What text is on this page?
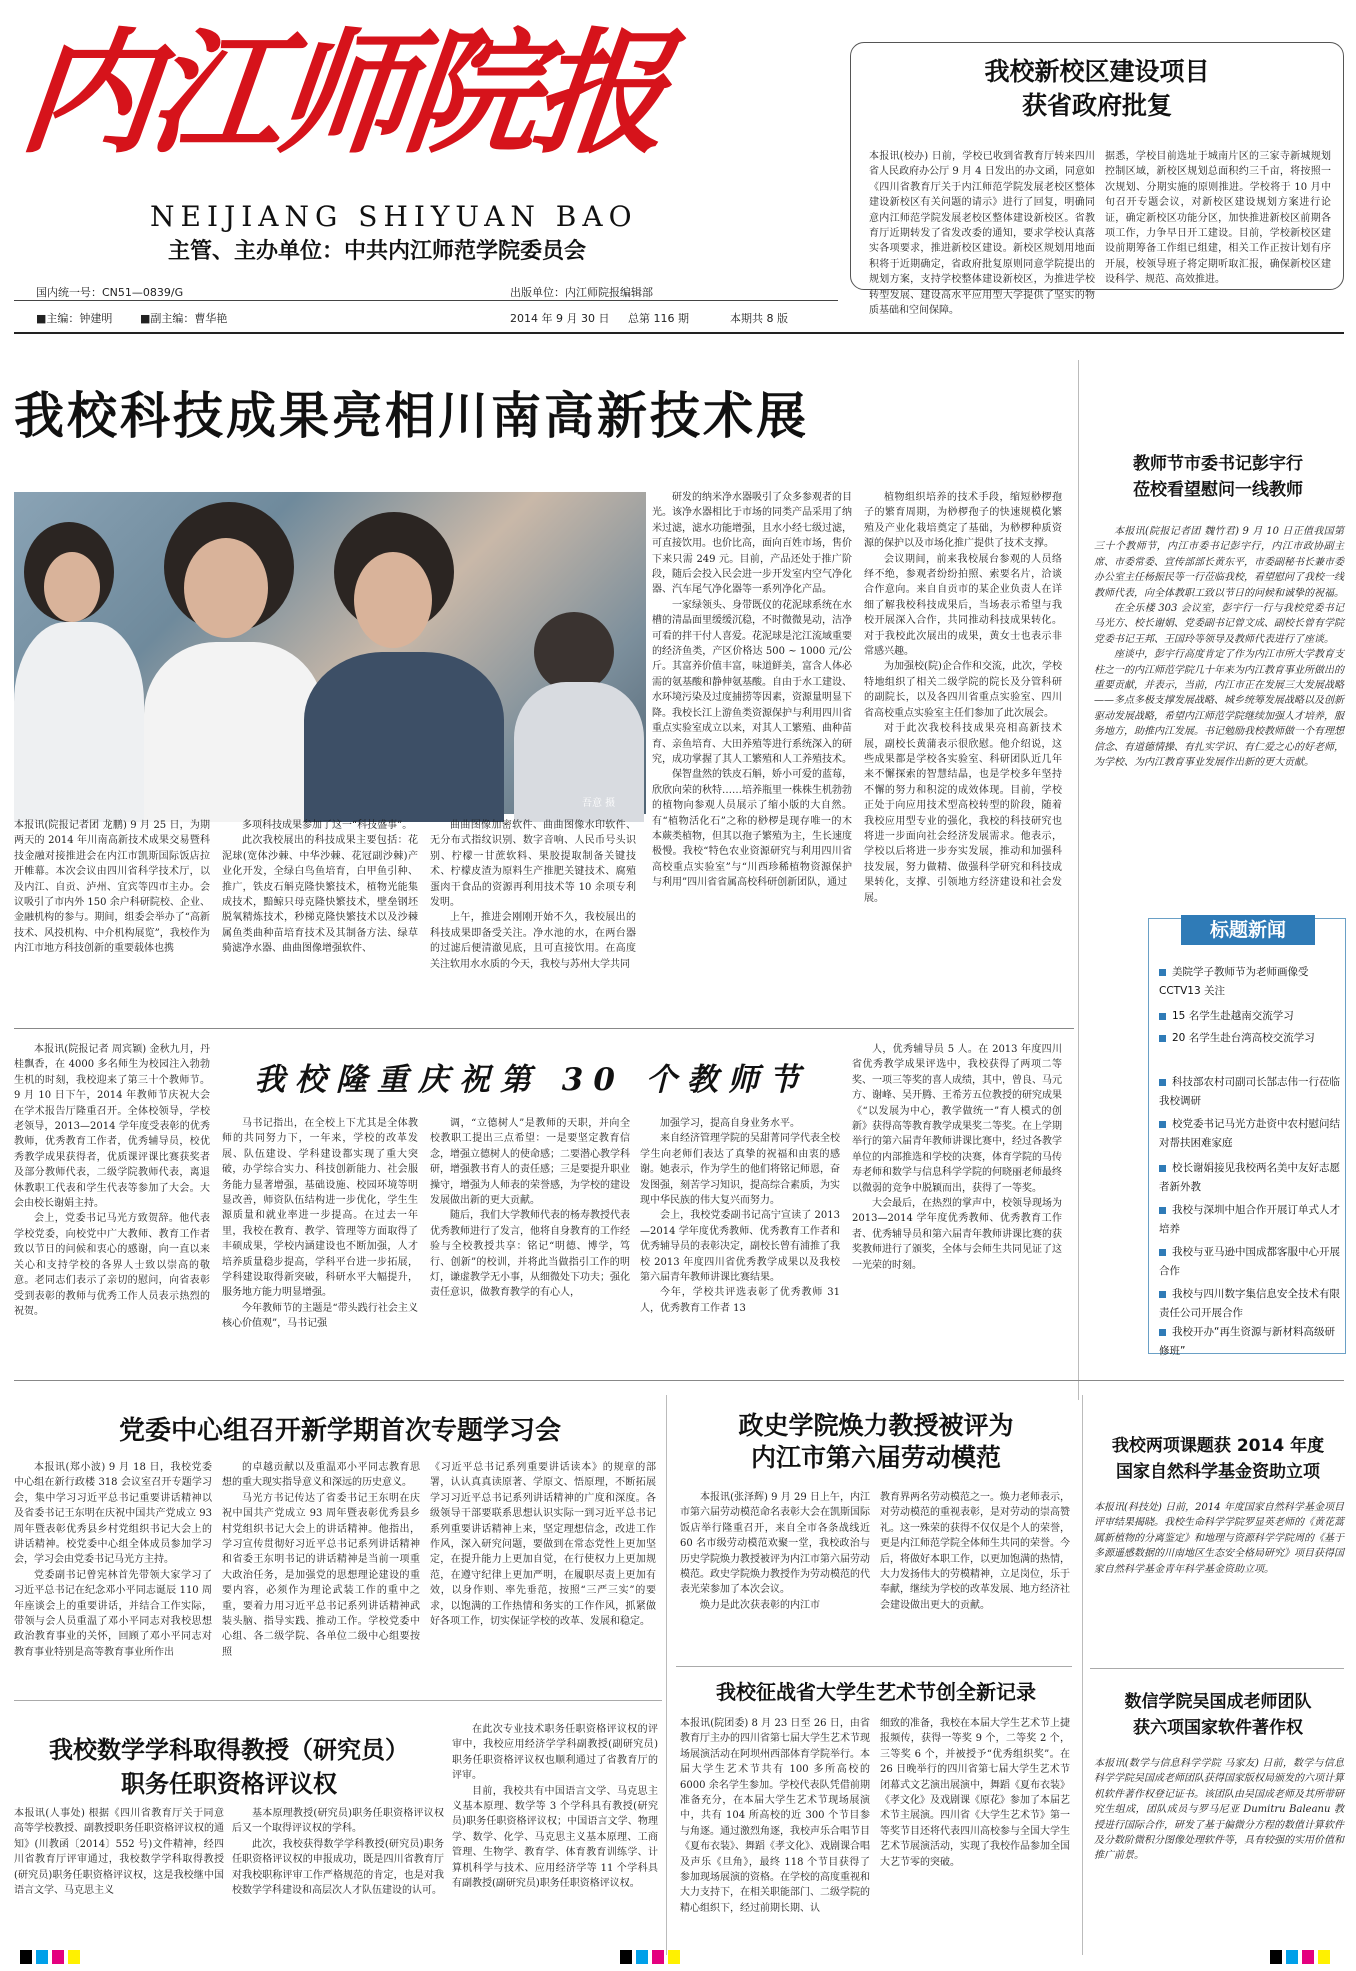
内江师院报
NEIJIANG SHIYUAN BAO
主管、主办单位：中共内江师范学院委员会
国内统一号：CN51—0839/G	出版单位：内江师院报编辑部
■主编：钟建明	■副主编：曹华艳	2014 年 9 月 30 日 总第 116 期	本期共 8 版
我校新校区建设项目
获省政府批复
本报讯(校办) 日前，学校已收到省教育厅转来四川省人民政府办公厅 9 月 4 日发出的办文函，同意如《四川省教育厅关于内江师范学院发展老校区整体建设新校区有关问题的请示》进行了回复，明确同意内江师范学院发展老校区整体建设新校区。省教育厅近期转发了省发改委的通知，要求学校认真落实各项要求，推进新校区建设。新校区规划用地面积将于近期确定，省政府批复原则同意学院提出的规划方案，支持学校整体建设新校区，为推进学校转型发展、建设高水平应用型大学提供了坚实的物质基础和空间保障。
据悉，学校目前选址于城南片区的三家寺新城规划控制区域，新校区规划总面积约三千亩，将按照一次规划、分期实施的原则推进。学校将于 10 月中旬召开专题会议，对新校区建设规划方案进行论证，确定新校区功能分区，加快推进新校区前期各项工作，力争早日开工建设。目前，学校新校区建设前期筹备工作组已组建，相关工作正按计划有序开展，校领导班子将定期听取汇报，确保新校区建设科学、规范、高效推进。
我校科技成果亮相川南高新技术展
吾意 摄
本报讯(院报记者团 龙鹏) 9 月 25 日，为期两天的 2014 年川南高新技术成果交易暨科技金融对接推进会在内江市凯斯国际饭店拉开帷幕。本次会议由四川省科学技术厅，以及内江、自贡、泸州、宜宾等四市主办。会议吸引了市内外 150 余户科研院校、企业、金融机构的参与。期间，组委会举办了“高新技术、风投机构、中介机构展览”，我校作为内江市地方科技创新的重要载体也携

多项科技成果参加了这一“科技盛事”。

此次我校展出的科技成果主要包括：花泥球(宽体沙棘、中华沙棘、花冠副沙棘)产业化开发，全绿白鸟鱼培育，白甲鱼引种、推广，铁皮石斛克隆快繁技术，植物光能集成技术，黯鲸只母克隆快繁技术，壁垒钢坯脱氧精炼技术，秒梯克隆快繁技术以及沙棘属鱼类曲种苗培育技术及其制备方法、绿草骑滤净水器、曲曲图像增强软件、

曲曲图像加密软件、曲曲图像水印软件、无分布式指纹识别、数字音响、人民币号头识别、柠檬一甘蔗软料、果胶提取制备关键技术、柠檬皮渣为原料生产推肥关键技术、腐殖蛋肉干食品的资源再利用技术等 10 余项专利发明。

上午，推进会刚刚开始不久，我校展出的科技成果即备受关注。净水池的水，在两台器的过滤后便清澈见底，且可直接饮用。在高度关注软用水水质的今天，我校与苏州大学共同

研发的纳米净水器吸引了众多参观者的目光。该净水器相比于市场的同类产品采用了纳米过滤，滤水功能增强，且水小经七级过滤，可直接饮用。也价比高，面向百姓市场，售价下来只需 249 元。目前，产品还处于推广阶段，随后会投入民会进一步开发室内空气净化器、汽车尾气净化器等一系列净化产品。

一家绿领头、身带既仪的花泥球系统在水槽的清晶面里缓缓沉稳，不时微微晃动，洁净可看的拌干付人喜爱。花泥球是沱江流域重要的经济鱼类，产区价格达 500 ~ 1000 元/公斤。其富养价值丰富，味道鲜美，富含人体必需的氨基酸和静伸氨基酸。自由于水工建设、水环境污染及过度捕捞等因素，资源量明显下降。我校长江上游鱼类资源保护与利用四川省重点实验室成立以来，对其人工繁殖、曲种苗育、亲鱼培育、大田养殖等进行系统深入的研究，成功掌握了其人工繁殖和人工养殖技术。

保智盘然的铁皮石斛，娇小可爱的蓝莓，欣欣向荣的秋特……培养瓶里一株株生机勃勃的植物向参观人员展示了缩小版的大自然。有“植物活化石”之称的桫椤是现存唯一的木本蕨类植物，但其以孢子繁殖为主，生长速度极慢。我校“特色农业资源研究与利用四川省高校重点实验室”与“川西珍稀植物资源保护与利用”四川省省属高校科研创新团队，通过

植物组织培养的技术手段，缩短桫椤孢子的繁育周期，为桫椤孢子的快速规模化繁殖及产业化栽培奠定了基础，为桫椤种质资源的保护以及市场化推广提供了技术支撑。

会议期间，前来我校展台参观的人员络绎不绝，参观者纷纷拍照、索要名片，洽谈合作意向。来自自贡市的某企业负责人在详细了解我校科技成果后，当场表示希望与我校开展深入合作，共同推动科技成果转化。对于我校此次展出的成果，黄女士也表示非常感兴趣。

为加强校(院)企合作和交流，此次，学校特地组织了相关二级学院的院长及分管科研的副院长，以及各四川省重点实验室、四川省高校重点实验室主任们参加了此次展会。

对于此次我校科技成果亮相高新技术展，副校长黄蒲表示很欣慰。他介绍说，这些成果都是学校各实验室、科研团队近几年来不懈探索的智慧结晶，也是学校多年坚持不懈的努力和积淀的成效体现。目前，学校正处于向应用技术型高校转型的阶段，随着我校应用型专业的强化，我校的科技研究也将进一步面向社会经济发展需求。他表示，学校以后将进一步夯实发展，推动和加强科技发展，努力做精、做强科学研究和科技成果转化，支撑、引领地方经济建设和社会发展。

教师节市委书记彭宇行
莅校看望慰问一线教师

本报讯(院报记者团 魏竹君) 9 月 10 日正值我国第三十个教师节，内江市委书记彭宇行，内江市政协副主席、市委常委、宣传部部长黄东平，市委副秘书长兼市委办公室主任杨振民等一行莅临我校，看望慰问了我校一线教师代表，向全体教职工致以节日的问候和诚挚的祝福。

在全乐楼 303 会议室，彭宇行一行与我校党委书记马光方、校长谢娟、党委副书记曾文成、副校长曾有学院党委书记王邦、王国玲等领导及教师代表进行了座谈。

座谈中，彭宇行高度肯定了作为内江市所大学教育支柱之一的内江师范学院几十年来为内江教育事业所做出的重要贡献，并表示，当前，内江市正在发展三大发展战略——多点多极支撑发展战略、城乡统筹发展战略以及创新驱动发展战略，希望内江师范学院继续加强人才培养，服务地方，助推内江发展。书记勉励我校教师做一个有理想信念、有道德情操、有扎实学识、有仁爱之心的好老师，为学校、为内江教育事业发展作出新的更大贡献。

标题新闻
美院学子教师节为老师画像受 CCTV13 关注
15 名学生赴越南交流学习
20 名学生赴台湾高校交流学习
科技部农村司副司长郜志伟一行莅临我校调研
校党委书记马光方赴资中农村慰问结对帮扶困难家庭
校长谢娟接见我校两名美中友好志愿者新外教
我校与深圳中旭合作开展订单式人才培养
我校与亚马逊中国成都客服中心开展合作
我校与四川数字集信息安全技术有限责任公司开展合作
我校开办“再生资源与新材料高级研修班”
我校隆重庆祝第 30 个教师节

本报讯(院报记者 周宾颖) 金秋九月，丹桂飘香，在 4000 多名师生为校园注入勃勃生机的时刻，我校迎来了第三十个教师节。9 月 10 日下午，2014 年教师节庆祝大会在学术报告厅隆重召开。全体校领导，学校老领导，2013—2014 学年度受表彰的优秀教师，优秀教育工作者，优秀辅导员，校优秀教学成果获得者，优质课评课比赛获奖者及部分教师代表，二级学院教师代表，离退休教职工代表和学生代表等参加了大会。大会由校长谢娟主持。

会上，党委书记马光方致贺辞。他代表学校党委，向校党中广大教师、教育工作者致以节日的问候和衷心的感谢，向一直以来关心和支持学校的各界人士致以崇高的敬意。老同志们表示了亲切的慰问，向省表彰受到表彰的教师与优秀工作人员表示热烈的祝贺。

马书记指出，在全校上下尤其是全体教师的共同努力下，一年来，学校的改革发展、队伍建设、学科建设都实现了重大突破，办学综合实力、科技创新能力、社会服务能力显著增强，基础设施、校园环境等明显改善，师资队伍结构进一步优化，学生生源质量和就业率进一步提高。在过去一年里，我校在教育、教学、管理等方面取得了丰硕成果，学校内涵建设也不断加强，人才培养质量稳步提高，学科平台进一步拓展，学科建设取得新突破，科研水平大幅提升，服务地方能力明显增强。

今年教师节的主题是“带头践行社会主义核心价值观”，马书记强

调，“立德树人”是教师的天职，并向全校教职工提出三点希望：一是要坚定教育信念，增强立德树人的使命感；二要潜心教学科研，增强教书育人的责任感；三是要提升职业操守，增强为人师表的荣誉感，为学校的建设发展做出新的更大贡献。

随后，我们大学教师代表的杨寿教授代表优秀教师进行了发言，他将自身教育的工作经验与全校教授共享：铭记“明德、博学，笃行、创新”的校训，并将此当做指引工作的明灯，谦虚教学无小事，从细微处下功夫；强化责任意识，做教育教学的有心人，

加强学习，提高自身业务水平。

来自经济管理学院的吴甜菁同学代表全校学生向老师们表达了真挚的祝福和由衷的感谢。她表示，作为学生的他们将铭记师恩，奋发图强，刻苦学习知识，提高综合素质，为实现中华民族的伟大复兴而努力。

会上，我校党委副书记高宁宣读了 2013—2014 学年度优秀教师、优秀教育工作者和优秀辅导员的表彰决定，副校长曾有浦推了我校 2013 年度四川省优秀教学成果以及我校第六届青年教师讲课比赛结果。

今年，学校共评选表彰了优秀教师 31 人，优秀教育工作者 13

人，优秀辅导员 5 人。在 2013 年度四川省优秀教学成果评选中，我校获得了两项二等奖、一项三等奖的喜人成绩，其中，曾良、马元方、谢峰、吴开腾、王希芳五位教授的研究成果《“以发展为中心，教学做统一”育人模式的创新》获得高等教育教学成果奖二等奖。在上学期举行的第六届青年教师讲课比赛中，经过各教学单位的内部推选和学校的决赛，体育学院的马传寿老师和数学与信息科学学院的何晓丽老师最终以微弱的竞争中脱颖而出，获得了一等奖。

大会最后，在热烈的掌声中，校领导现场为 2013—2014 学年度优秀教师、优秀教育工作者、优秀辅导员和第六届青年教师讲课比赛的获奖教师进行了颁奖，全体与会师生共同见证了这一光荣的时刻。

党委中心组召开新学期首次专题学习会

本报讯(郑小波) 9 月 18 日，我校党委中心组在新行政楼 318 会议室召开专题学习会，集中学习习近平总书记重要讲话精神以及省委书记王东明在庆祝中国共产党成立 93 周年暨表彰优秀县乡村党组织书记大会上的讲话精神。校党委中心组全体成员参加学习会，学习会由党委书记马光方主持。

党委副书记曾宪林首先带领大家学习了习近平总书记在纪念邓小平同志诞辰 110 周年座谈会上的重要讲话，并结合工作实际，带领与会人员重温了邓小平同志对我校思想政治教育事业的关怀，回顾了邓小平同志对教育事业特别是高等教育事业所作出

的卓越贡献以及重温邓小平同志教育思想的重大现实指导意义和深远的历史意义。

马光方书记传达了省委书记王东明在庆祝中国共产党成立 93 周年暨表彰优秀县乡村党组织书记大会上的讲话精神。他指出，学习宣传贯彻好习近平总书记系列讲话精神和省委王东明书记的讲话精神是当前一项重大政治任务，是加强党的思想理论建设的重要内容，必须作为理论武装工作的重中之重，要着力用习近平总书记系列讲话精神武装头脑、指导实践、推动工作。学校党委中心组、各二级学院、各单位二级中心组要按照

《习近平总书记系列重要讲话读本》的规章的部署，认认真真读原著、学原文、悟原理，不断拓展学习习近平总书记系列讲话精神的广度和深度。各级领导干部要联系思想认识实际一到习近平总书记系列重要讲话精神上来，坚定理想信念，改进工作作风，深入研究问题，要做到在常态党性上更加坚定，在提升能力上更加自觉，在行使权力上更加规范，在遵守纪律上更加严明，在履职尽责上更加有效，以身作则、率先垂范，按照“三严三实”的要求，以饱满的工作热情和务实的工作作风，抓紧做好各项工作，切实保证学校的改革、发展和稳定。
政史学院焕力教授被评为
内江市第六届劳动模范

本报讯(张泽辉) 9 月 29 日上午，内江市第六届劳动模范命名表彰大会在凯斯国际饭店举行隆重召开，来自全市各条战线近 60 名市级劳动模范欢聚一堂，我校政治与历史学院焕力教授被评为内江市第六届劳动模范。政史学院焕力教授作为劳动模范的代表光荣参加了本次会议。

焕力是此次获表彰的内江市

教育界两名劳动模范之一。焕力老师表示，对劳动模范的重视表彰，是对劳动的崇高赞礼。这一殊荣的获得不仅仅是个人的荣誉，更是内江师范学院全体师生共同的荣誉。今后，将做好本职工作，以更加饱满的热情，大力发扬伟大的劳模精神，立足岗位，乐于奉献，继续为学校的改革发展、地方经济社会建设做出更大的贡献。
我校征战省大学生艺术节创全新记录
本报讯(院团委) 8 月 23 日至 26 日，由省教育厅主办的四川省第七届大学生艺术节现场展演活动在阿坝州西部体育学院举行。本届大学生艺术节共有 100 多所高校的 6000 余名学生参加。学校代表队凭借前期准备充分，在本届大学生艺术节现场展演中，共有 104 所高校的近 300 个节目参与角逐。通过激烈角逐，我校声乐合唱节目《夏布衣装》、舞蹈《孝文化》、戏剧课合唱及声乐《旦角》，最终 118 个节目获得了参加现场展演的资格。在学校的高度重视和大力支持下，在相关职能部门、二级学院的精心组织下，经过前期长期、认
细致的准备，我校在本届大学生艺术节上捷报频传，获得一等奖 9 个，二等奖 2 个，三等奖 6 个，并被授予“优秀组织奖”。在 26 日晚举行的四川省第七届大学生艺术节闭幕式文艺演出展演中，舞蹈《夏布衣装》《孝文化》及戏剧课《原花》参加了本届艺术节主展演。四川省《大学生艺术节》第一等奖节目还将代表四川高校参与全国大学生艺术节展演活动，实现了我校作品参加全国大艺节零的突破。
我校数学学科取得教授（研究员）
职务任职资格评议权
本报讯(人事处) 根据《四川省教育厅关于同意高等学校教授、副教授职务任职资格评议权的通知》(川教函〔2014〕552 号)文件精神，经四川省教育厅评审通过，我校数学学科取得教授(研究员)职务任职资格评议权，这是我校继中国语言文学、马克思主义

基本原理教授(研究员)职务任职资格评议权后又一个取得评议权的学科。

此次，我校获得数学学科教授(研究员)职务任职资格评议权的申报成功，既是四川省教育厅对我校职称评审工作严格规范的肯定，也是对我校数学学科建设和高层次人才队伍建设的认可。

在此次专业技术职务任职资格评议权的评审中，我校应用经济学学科副教授(副研究员)职务任职资格评议权也顺利通过了省教育厅的评审。

目前，我校共有中国语言文学、马克思主义基本原理、数学等 3 个学科具有教授(研究员)职务任职资格评议权；中国语言文学、物理学、数学、化学、马克思主义基本原理、工商管理、生物学、教育学、体育教育训练学、计算机科学与技术、应用经济学等 11 个学科具有副教授(副研究员)职务任职资格评议权。

我校两项课题获 2014 年度
国家自然科学基金资助立项
本报讯(科技处) 日前，2014 年度国家自然科学基金项目评审结果揭晓。我校生命科学学院罗显英老师的《黄花蒿属新植物的分离鉴定》和地理与资源科学学院周的《基于多源遥感数据的川南地区生态安全格局研究》项目获得国家自然科学基金青年科学基金资助立项。
数信学院吴国成老师团队
获六项国家软件著作权
本报讯(数学与信息科学学院 马家友) 日前，数学与信息科学学院吴国成老师团队获得国家版权局颁发的六项计算机软件著作权登记证书。该团队由吴国成老师及其所带研究生组成，团队成员与罗马尼亚 Dumitru Baleanu 教授进行国际合作，研发了基于偏微分方程的数值计算软件及分数阶微积分图像处理软件等，具有较强的实用价值和推广前景。
